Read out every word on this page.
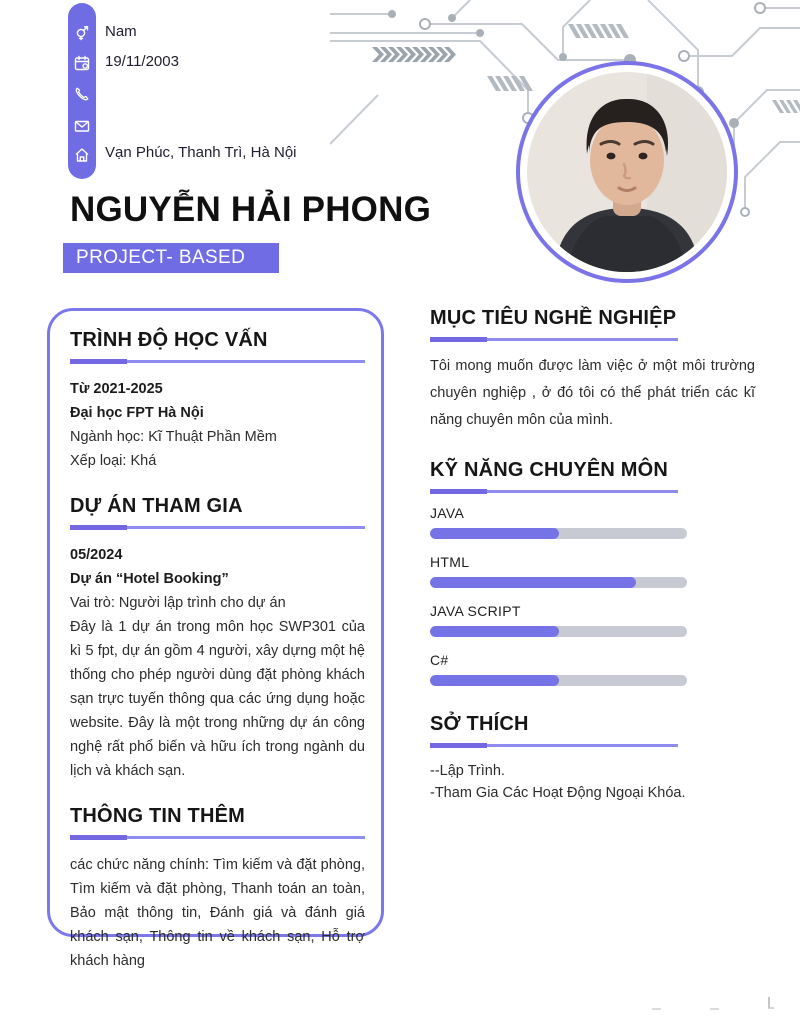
Nam
19/11/2003
Vạn Phúc, Thanh Trì, Hà Nội
NGUYỄN HẢI PHONG
PROJECT- BASED
TRÌNH ĐỘ HỌC VẤN
Từ 2021-2025
Đại học FPT Hà Nội
Ngành học: Kĩ Thuật Phần Mềm
Xếp loại: Khá
DỰ ÁN THAM GIA
05/2024
Dự án “Hotel Booking”
Vai trò: Người lập trình cho dự án
Đây là 1 dự án trong môn học SWP301 của kì 5 fpt, dự án gồm 4 người, xây dựng một hệ thống cho phép người dùng đặt phòng khách sạn trực tuyến thông qua các ứng dụng hoặc website. Đây là một trong những dự án công nghệ rất phổ biến và hữu ích trong ngành du lịch và khách sạn.
THÔNG TIN THÊM
các chức năng chính: Tìm kiếm và đặt phòng, Tìm kiếm và đặt phòng, Thanh toán an toàn, Bảo mật thông tin, Đánh giá và đánh giá khách sạn, Thông tin về khách sạn, Hỗ trợ khách hàng
MỤC TIÊU NGHỀ NGHIỆP
Tôi mong muốn được làm việc ở một môi trường chuyên nghiệp , ở đó tôi có thể phát triển các kĩ năng chuyên môn của mình.
KỸ NĂNG CHUYÊN MÔN
JAVA
HTML
JAVA SCRIPT
C#
SỞ THÍCH
--Lập Trình.
-Tham Gia Các Hoạt Động Ngoại Khóa.
